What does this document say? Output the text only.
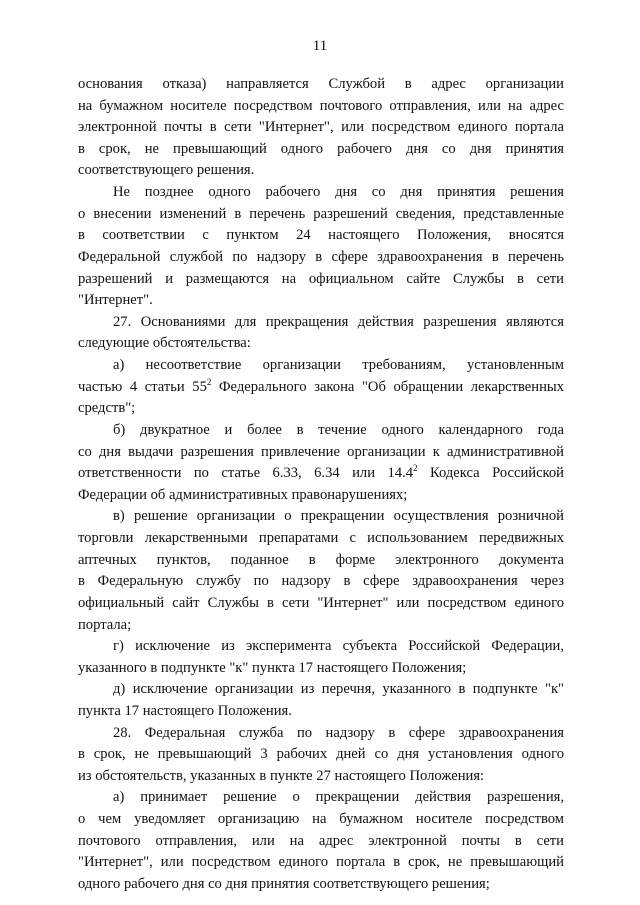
11
основания отказа) направляется Службой в адрес организации
на бумажном носителе посредством почтового отправления, или на адрес
электронной почты в сети "Интернет", или посредством единого портала
в срок, не превышающий одного рабочего дня со дня принятия
соответствующего решения.
Не позднее одного рабочего дня со дня принятия решения
о внесении изменений в перечень разрешений сведения, представленные
в соответствии с пунктом 24 настоящего Положения, вносятся
Федеральной службой по надзору в сфере здравоохранения в перечень
разрешений и размещаются на официальном сайте Службы в сети
"Интернет".
27. Основаниями для прекращения действия разрешения являются
следующие обстоятельства:
а) несоответствие организации требованиям, установленным
частью 4 статьи $55^2$ Федерального закона "Об обращении лекарственных
средств";
б) двукратное и более в течение одного календарного года
со дня выдачи разрешения привлечение организации к административной
ответственности по статье 6.33, 6.34 или 14.4$^2$ Кодекса Российской
Федерации об административных правонарушениях;
в) решение организации о прекращении осуществления розничной
торговли лекарственными препаратами с использованием передвижных
аптечных пунктов, поданное в форме электронного документа
в Федеральную службу по надзору в сфере здравоохранения через
официальный сайт Службы в сети "Интернет" или посредством единого
портала;
г) исключение из эксперимента субъекта Российской Федерации,
указанного в подпункте "к" пункта 17 настоящего Положения;
д) исключение организации из перечня, указанного в подпункте "к"
пункта 17 настоящего Положения.
28. Федеральная служба по надзору в сфере здравоохранения
в срок, не превышающий 3 рабочих дней со дня установления одного
из обстоятельств, указанных в пункте 27 настоящего Положения:
а) принимает решение о прекращении действия разрешения,
о чем уведомляет организацию на бумажном носителе посредством
почтового отправления, или на адрес электронной почты в сети
"Интернет", или посредством единого портала в срок, не превышающий
одного рабочего дня со дня принятия соответствующего решения;
